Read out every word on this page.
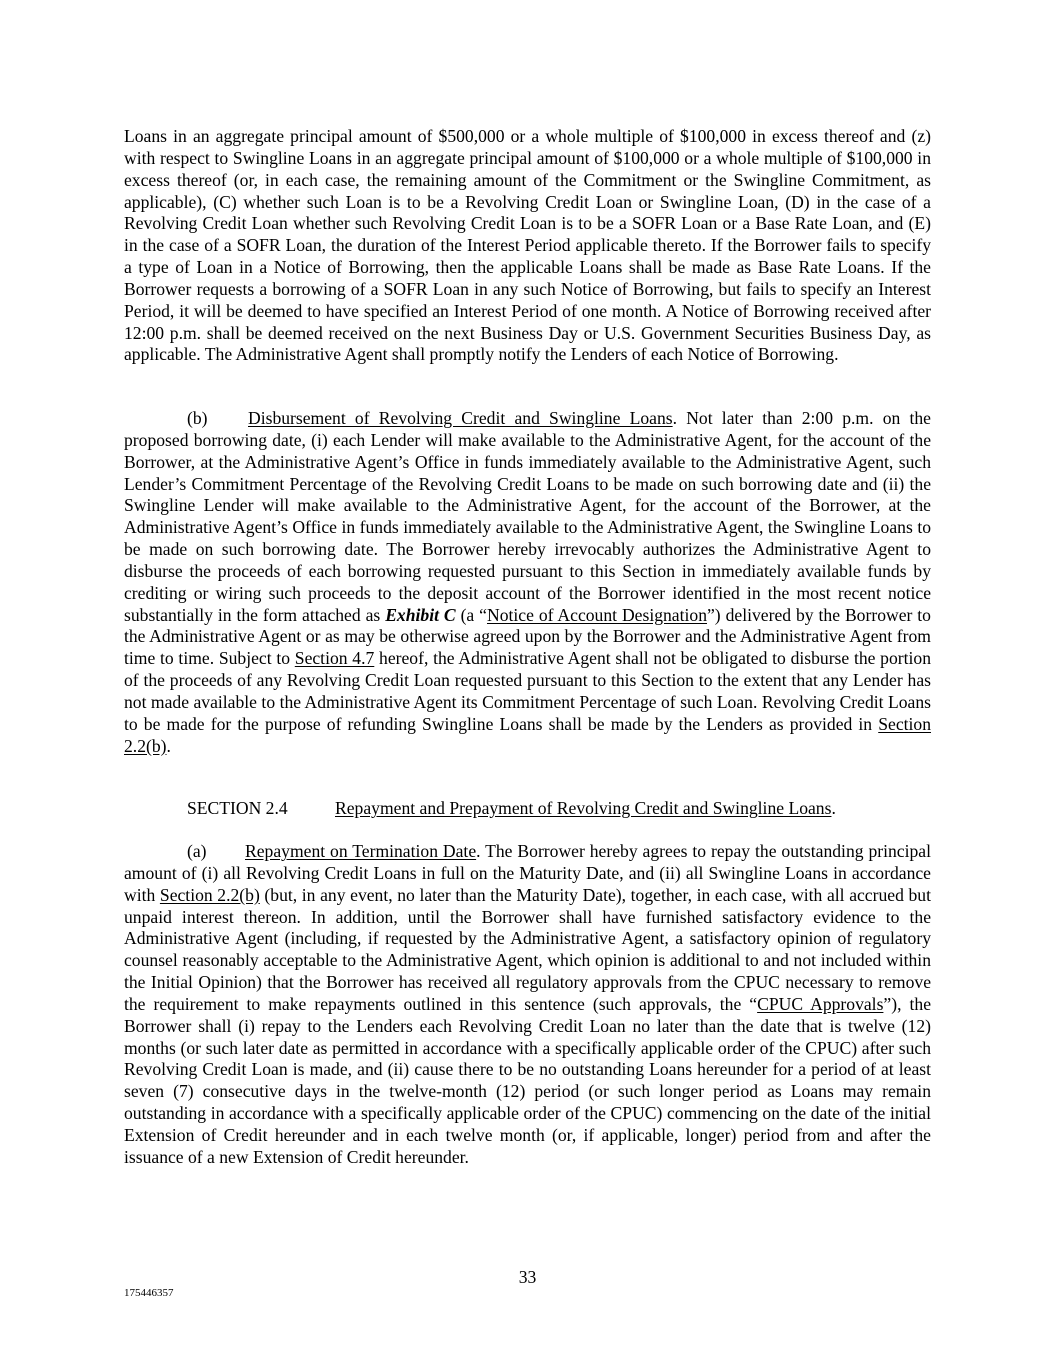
Loans in an aggregate principal amount of $500,000 or a whole multiple of $100,000 in excess thereof and (z) with respect to Swingline Loans in an aggregate principal amount of $100,000 or a whole multiple of $100,000 in excess thereof (or, in each case, the remaining amount of the Commitment or the Swingline Commitment, as applicable), (C) whether such Loan is to be a Revolving Credit Loan or Swingline Loan, (D) in the case of a Revolving Credit Loan whether such Revolving Credit Loan is to be a SOFR Loan or a Base Rate Loan, and (E) in the case of a SOFR Loan, the duration of the Interest Period applicable thereto. If the Borrower fails to specify a type of Loan in a Notice of Borrowing, then the applicable Loans shall be made as Base Rate Loans. If the Borrower requests a borrowing of a SOFR Loan in any such Notice of Borrowing, but fails to specify an Interest Period, it will be deemed to have specified an Interest Period of one month. A Notice of Borrowing received after 12:00 p.m. shall be deemed received on the next Business Day or U.S. Government Securities Business Day, as applicable. The Administrative Agent shall promptly notify the Lenders of each Notice of Borrowing.

(b) Disbursement of Revolving Credit and Swingline Loans. Not later than 2:00 p.m. on the proposed borrowing date, (i) each Lender will make available to the Administrative Agent, for the account of the Borrower, at the Administrative Agent’s Office in funds immediately available to the Administrative Agent, such Lender’s Commitment Percentage of the Revolving Credit Loans to be made on such borrowing date and (ii) the Swingline Lender will make available to the Administrative Agent, for the account of the Borrower, at the Administrative Agent’s Office in funds immediately available to the Administrative Agent, the Swingline Loans to be made on such borrowing date. The Borrower hereby irrevocably authorizes the Administrative Agent to disburse the proceeds of each borrowing requested pursuant to this Section in immediately available funds by crediting or wiring such proceeds to the deposit account of the Borrower identified in the most recent notice substantially in the form attached as Exhibit C (a “Notice of Account Designation”) delivered by the Borrower to the Administrative Agent or as may be otherwise agreed upon by the Borrower and the Administrative Agent from time to time. Subject to Section 4.7 hereof, the Administrative Agent shall not be obligated to disburse the portion of the proceeds of any Revolving Credit Loan requested pursuant to this Section to the extent that any Lender has not made available to the Administrative Agent its Commitment Percentage of such Loan. Revolving Credit Loans to be made for the purpose of refunding Swingline Loans shall be made by the Lenders as provided in Section 2.2(b).

SECTION 2.4	Repayment and Prepayment of Revolving Credit and Swingline Loans.

(a) Repayment on Termination Date. The Borrower hereby agrees to repay the outstanding principal amount of (i) all Revolving Credit Loans in full on the Maturity Date, and (ii) all Swingline Loans in accordance with Section 2.2(b) (but, in any event, no later than the Maturity Date), together, in each case, with all accrued but unpaid interest thereon. In addition, until the Borrower shall have furnished satisfactory evidence to the Administrative Agent (including, if requested by the Administrative Agent, a satisfactory opinion of regulatory counsel reasonably acceptable to the Administrative Agent, which opinion is additional to and not included within the Initial Opinion) that the Borrower has received all regulatory approvals from the CPUC necessary to remove the requirement to make repayments outlined in this sentence (such approvals, the “CPUC Approvals”), the Borrower shall (i) repay to the Lenders each Revolving Credit Loan no later than the date that is twelve (12) months (or such later date as permitted in accordance with a specifically applicable order of the CPUC) after such Revolving Credit Loan is made, and (ii) cause there to be no outstanding Loans hereunder for a period of at least seven (7) consecutive days in the twelve-month (12) period (or such longer period as Loans may remain outstanding in accordance with a specifically applicable order of the CPUC) commencing on the date of the initial Extension of Credit hereunder and in each twelve month (or, if applicable, longer) period from and after the issuance of a new Extension of Credit hereunder.

33

175446357
